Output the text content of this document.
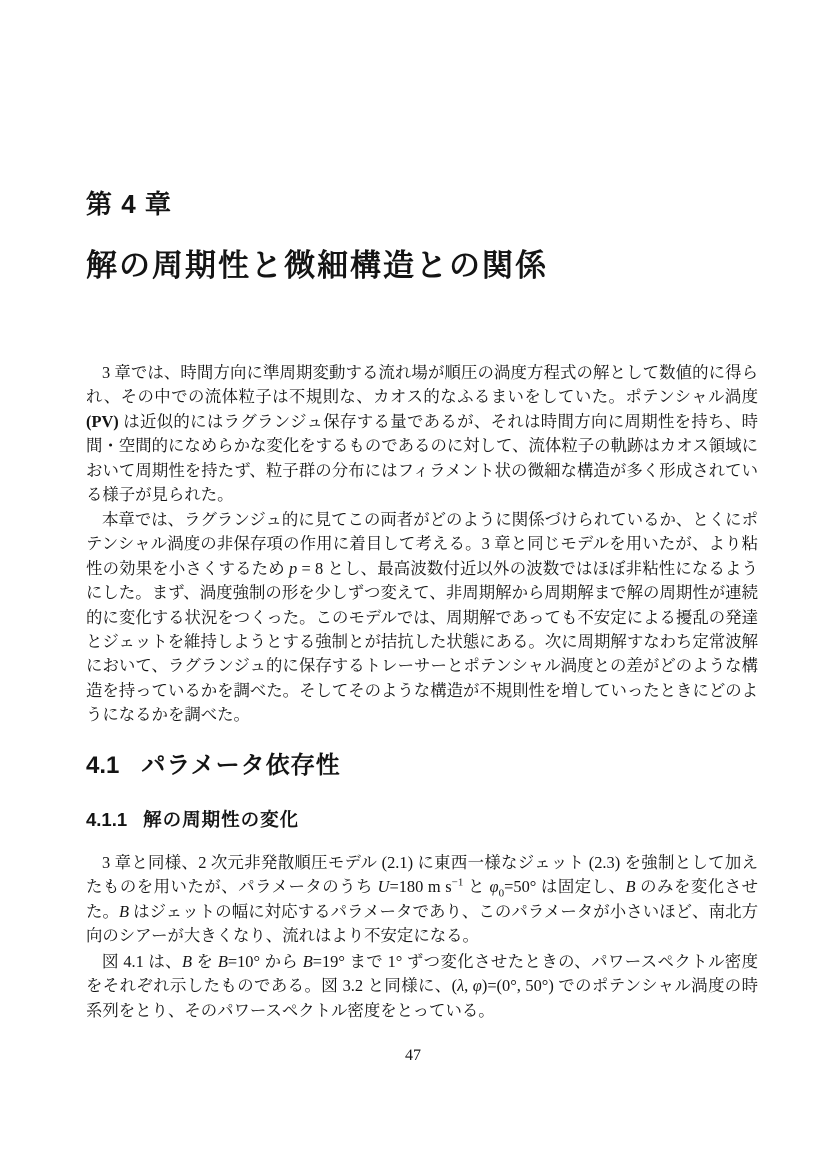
第 4 章
解の周期性と微細構造との関係

3 章では、時間方向に準周期変動する流れ場が順圧の渦度方程式の解として数値的に得られ、その中での流体粒子は不規則な、カオス的なふるまいをしていた。ポテンシャル渦度(PV) は近似的にはラグランジュ保存する量であるが、それは時間方向に周期性を持ち、時間・空間的になめらかな変化をするものであるのに対して、流体粒子の軌跡はカオス領域において周期性を持たず、粒子群の分布にはフィラメント状の微細な構造が多く形成されている様子が見られた。

本章では、ラグランジュ的に見てこの両者がどのように関係づけられているか、とくにポテンシャル渦度の非保存項の作用に着目して考える。3 章と同じモデルを用いたが、より粘性の効果を小さくするため p = 8 とし、最高波数付近以外の波数ではほぼ非粘性になるようにした。まず、渦度強制の形を少しずつ変えて、非周期解から周期解まで解の周期性が連続的に変化する状況をつくった。このモデルでは、周期解であっても不安定による擾乱の発達とジェットを維持しようとする強制とが拮抗した状態にある。次に周期解すなわち定常波解において、ラグランジュ的に保存するトレーサーとポテンシャル渦度との差がどのような構造を持っているかを調べた。そしてそのような構造が不規則性を増していったときにどのようになるかを調べた。

4.1 パラメータ依存性
4.1.1 解の周期性の変化

3 章と同様、2 次元非発散順圧モデル (2.1) に東西一様なジェット (2.3) を強制として加えたものを用いたが、パラメータのうち U=180 m $s^{-1}$ と $\varphi_0=50^\circ$ は固定し、B のみを変化させた。B はジェットの幅に対応するパラメータであり、このパラメータが小さいほど、南北方向のシアーが大きくなり、流れはより不安定になる。

図 4.1 は、B を B=10° から B=19° まで 1° ずつ変化させたときの、パワースペクトル密度をそれぞれ示したものである。図 3.2 と同様に、(λ, φ)=(0°, 50°) でのポテンシャル渦度の時系列をとり、そのパワースペクトル密度をとっている。

47
